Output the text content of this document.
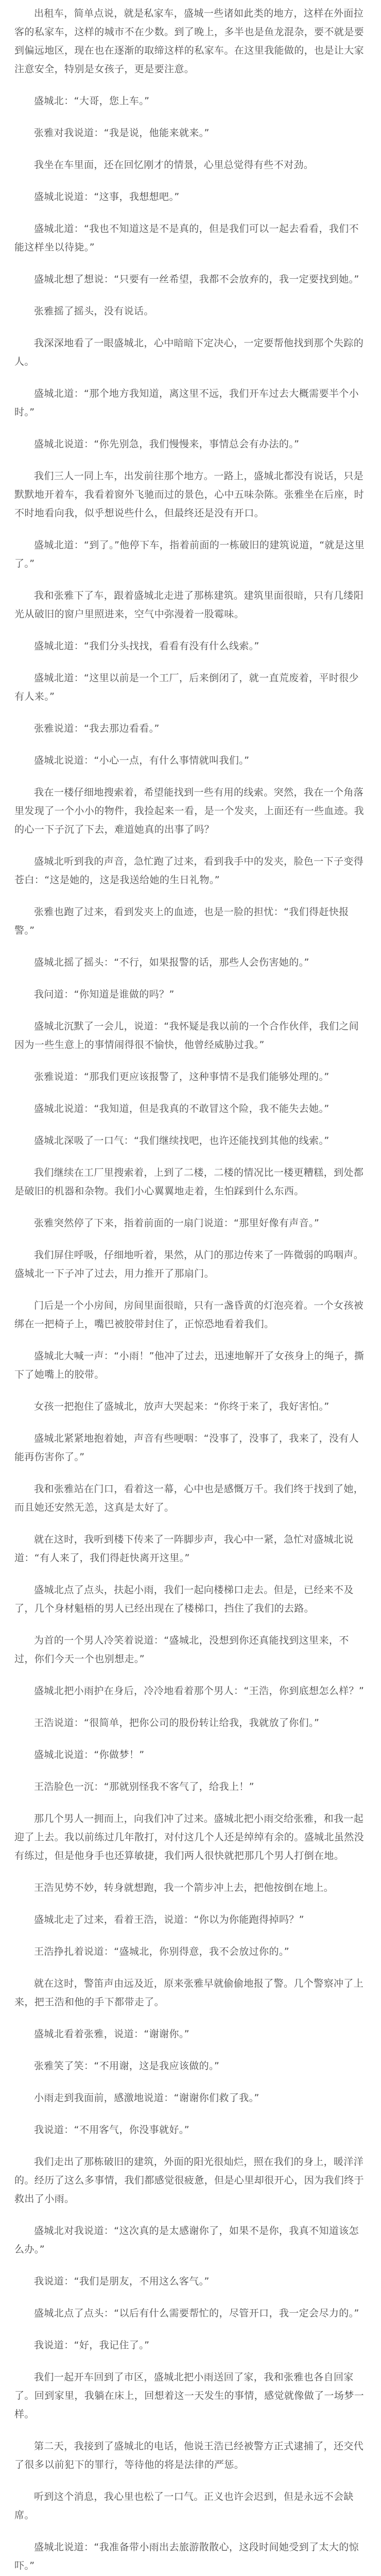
出租车，简单点说，就是私家车，盛城一些诸如此类的地方，这样在外面拉客的私家车，这样的城市不在少数。到了晚上，多半也是鱼龙混杂，要不就是要到偏远地区，现在也在逐渐的取缔这样的私家车。在这里我能做的，也是让大家注意安全，特别是女孩子，更是要注意。

盛城北：“大哥，您上车。”

张雅对我说道：“我是说，他能来就来。”

我坐在车里面，还在回忆刚才的情景，心里总觉得有些不对劲。

盛城北说道：“这事，我想想吧。”

盛城北道：“我也不知道这是不是真的，但是我们可以一起去看看，我们不能这样坐以待毙。”

盛城北想了想说：“只要有一丝希望，我都不会放弃的，我一定要找到她。”

张雅摇了摇头，没有说话。

我深深地看了一眼盛城北，心中暗暗下定决心，一定要帮他找到那个失踪的人。

盛城北道：“那个地方我知道，离这里不远，我们开车过去大概需要半个小时。”

盛城北说道：“你先别急，我们慢慢来，事情总会有办法的。”

我们三人一同上车，出发前往那个地方。一路上，盛城北都没有说话，只是默默地开着车，我看着窗外飞驰而过的景色，心中五味杂陈。张雅坐在后座，时不时地看向我，似乎想说些什么，但最终还是没有开口。

盛城北道：“到了。”他停下车，指着前面的一栋破旧的建筑说道，“就是这里了。”

我和张雅下了车，跟着盛城北走进了那栋建筑。建筑里面很暗，只有几缕阳光从破旧的窗户里照进来，空气中弥漫着一股霉味。

盛城北道：“我们分头找找，看看有没有什么线索。”

盛城北道：“这里以前是一个工厂，后来倒闭了，就一直荒废着，平时很少有人来。”

张雅说道：“我去那边看看。”

盛城北说道：“小心一点，有什么事情就叫我们。”

我在一楼仔细地搜索着，希望能找到一些有用的线索。突然，我在一个角落里发现了一个小小的物件，我捡起来一看，是一个发夹，上面还有一些血迹。我的心一下子沉了下去，难道她真的出事了吗？

盛城北听到我的声音，急忙跑了过来，看到我手中的发夹，脸色一下子变得苍白：“这是她的，这是我送给她的生日礼物。”

张雅也跑了过来，看到发夹上的血迹，也是一脸的担忧：“我们得赶快报警。”

盛城北摇了摇头：“不行，如果报警的话，那些人会伤害她的。”

我问道：“你知道是谁做的吗？”

盛城北沉默了一会儿，说道：“我怀疑是我以前的一个合作伙伴，我们之间因为一些生意上的事情闹得很不愉快，他曾经威胁过我。”

张雅说道：“那我们更应该报警了，这种事情不是我们能够处理的。”

盛城北说道：“我知道，但是我真的不敢冒这个险，我不能失去她。”

盛城北深吸了一口气：“我们继续找吧，也许还能找到其他的线索。”

我们继续在工厂里搜索着，上到了二楼，二楼的情况比一楼更糟糕，到处都是破旧的机器和杂物。我们小心翼翼地走着，生怕踩到什么东西。

张雅突然停了下来，指着前面的一扇门说道：“那里好像有声音。”

我们屏住呼吸，仔细地听着，果然，从门的那边传来了一阵微弱的呜咽声。盛城北一下子冲了过去，用力推开了那扇门。

门后是一个小房间，房间里面很暗，只有一盏昏黄的灯泡亮着。一个女孩被绑在一把椅子上，嘴巴被胶带封住了，正惊恐地看着我们。

盛城北大喊一声：“小雨！”他冲了过去，迅速地解开了女孩身上的绳子，撕下了她嘴上的胶带。

女孩一把抱住了盛城北，放声大哭起来：“你终于来了，我好害怕。”

盛城北紧紧地抱着她，声音有些哽咽：“没事了，没事了，我来了，没有人能再伤害你了。”

我和张雅站在门口，看着这一幕，心中也是感慨万千。我们终于找到了她，而且她还安然无恙，这真是太好了。

就在这时，我听到楼下传来了一阵脚步声，我心中一紧，急忙对盛城北说道：“有人来了，我们得赶快离开这里。”

盛城北点了点头，扶起小雨，我们一起向楼梯口走去。但是，已经来不及了，几个身材魁梧的男人已经出现在了楼梯口，挡住了我们的去路。

为首的一个男人冷笑着说道：“盛城北，没想到你还真能找到这里来，不过，你们今天一个也别想走。”

盛城北把小雨护在身后，冷冷地看着那个男人：“王浩，你到底想怎么样？”

王浩说道：“很简单，把你公司的股份转让给我，我就放了你们。”

盛城北说道：“你做梦！”

王浩脸色一沉：“那就别怪我不客气了，给我上！”

那几个男人一拥而上，向我们冲了过来。盛城北把小雨交给张雅，和我一起迎了上去。我以前练过几年散打，对付这几个人还是绰绰有余的。盛城北虽然没有练过，但是他身手也还算敏捷，我们两人很快就把那几个男人打倒在地。

王浩见势不妙，转身就想跑，我一个箭步冲上去，把他按倒在地上。

盛城北走了过来，看着王浩，说道：“你以为你能跑得掉吗？”

王浩挣扎着说道：“盛城北，你别得意，我不会放过你的。”

就在这时，警笛声由远及近，原来张雅早就偷偷地报了警。几个警察冲了上来，把王浩和他的手下都带走了。

盛城北看着张雅，说道：“谢谢你。”

张雅笑了笑：“不用谢，这是我应该做的。”

小雨走到我面前，感激地说道：“谢谢你们救了我。”

我说道：“不用客气，你没事就好。”

我们走出了那栋破旧的建筑，外面的阳光很灿烂，照在我们的身上，暖洋洋的。经历了这么多事情，我们都感觉很疲惫，但是心里却很开心，因为我们终于救出了小雨。

盛城北对我说道：“这次真的是太感谢你了，如果不是你，我真不知道该怎么办。”

我说道：“我们是朋友，不用这么客气。”

盛城北点了点头：“以后有什么需要帮忙的，尽管开口，我一定会尽力的。”

我说道：“好，我记住了。”

我们一起开车回到了市区，盛城北把小雨送回了家，我和张雅也各自回家了。回到家里，我躺在床上，回想着这一天发生的事情，感觉就像做了一场梦一样。

第二天，我接到了盛城北的电话，他说王浩已经被警方正式逮捕了，还交代了很多以前犯下的罪行，等待他的将是法律的严惩。

听到这个消息，我心里也松了一口气。正义也许会迟到，但是永远不会缺席。

盛城北说道：“我准备带小雨出去旅游散散心，这段时间她受到了太大的惊吓。”
